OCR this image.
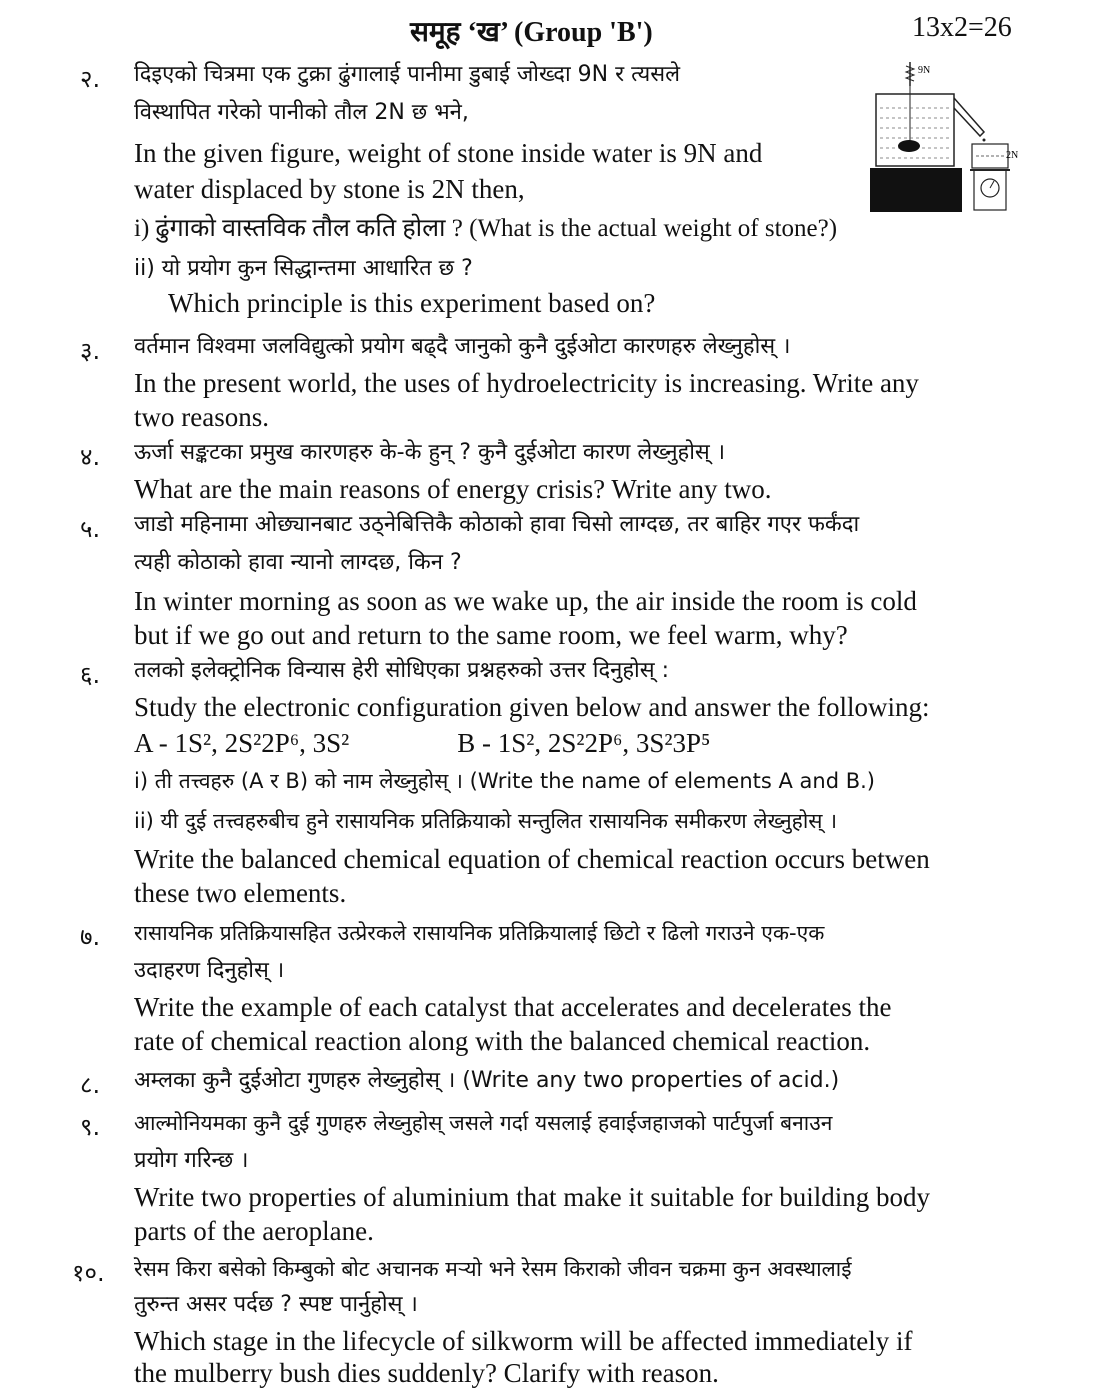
समूह ‘ख’ (Group 'B')	13x2=26
9N
2N
२. दिइएको चित्रमा एक टुक्रा ढुंगालाई पानीमा डुबाई जोख्दा 9N र त्यसले
विस्थापित गरेको पानीको तौल 2N छ भने,
In the given figure, weight of stone inside water is 9N and
water displaced by stone is 2N then,
i) ढुंगाको वास्तविक तौल कति होला ? (What is the actual weight of stone?)
ii) यो प्रयोग कुन सिद्धान्तमा आधारित छ ?
Which principle is this experiment based on?
३. वर्तमान विश्वमा जलविद्युत्को प्रयोग बढ्दै जानुको कुनै दुईओटा कारणहरु लेख्नुहोस् ।
In the present world, the uses of hydroelectricity is increasing. Write any
two reasons.
४. ऊर्जा सङ्कटका प्रमुख कारणहरु के-के हुन् ? कुनै दुईओटा कारण लेख्नुहोस् ।
What are the main reasons of energy crisis? Write any two.
५. जाडो महिनामा ओछ्यानबाट उठ्नेबित्तिकै कोठाको हावा चिसो लाग्दछ, तर बाहिर गएर फर्कंदा
त्यही कोठाको हावा न्यानो लाग्दछ, किन ?
In winter morning as soon as we wake up, the air inside the room is cold
but if we go out and return to the same room, we feel warm, why?
६. तलको इलेक्ट्रोनिक विन्यास हेरी सोधिएका प्रश्नहरुको उत्तर दिनुहोस् :
Study the electronic configuration given below and answer the following:
A - 1S², 2S²2P⁶, 3S²                B - 1S², 2S²2P⁶, 3S²3P⁵
i) ती तत्त्वहरु (A र B) को नाम लेख्नुहोस् । (Write the name of elements A and B.)
ii) यी दुई तत्त्वहरुबीच हुने रासायनिक प्रतिक्रियाको सन्तुलित रासायनिक समीकरण लेख्नुहोस् ।
Write the balanced chemical equation of chemical reaction occurs betwen
these two elements.
७. रासायनिक प्रतिक्रियासहित उत्प्रेरकले रासायनिक प्रतिक्रियालाई छिटो र ढिलो गराउने एक-एक
उदाहरण दिनुहोस् ।
Write the example of each catalyst that accelerates and decelerates the
rate of chemical reaction along with the balanced chemical reaction.
८. अम्लका कुनै दुईओटा गुणहरु लेख्नुहोस् । (Write any two properties of acid.)
९. आल्मोनियमका कुनै दुई गुणहरु लेख्नुहोस् जसले गर्दा यसलाई हवाईजहाजको पार्टपुर्जा बनाउन
प्रयोग गरिन्छ ।
Write two properties of aluminium that make it suitable for building body
parts of the aeroplane.
१०. रेसम किरा बसेको किम्बुको बोट अचानक मर्‍यो भने रेसम किराको जीवन चक्रमा कुन अवस्थालाई
तुरुन्त असर पर्दछ ? स्पष्ट पार्नुहोस् ।
Which stage in the lifecycle of silkworm will be affected immediately if
the mulberry bush dies suddenly? Clarify with reason.
